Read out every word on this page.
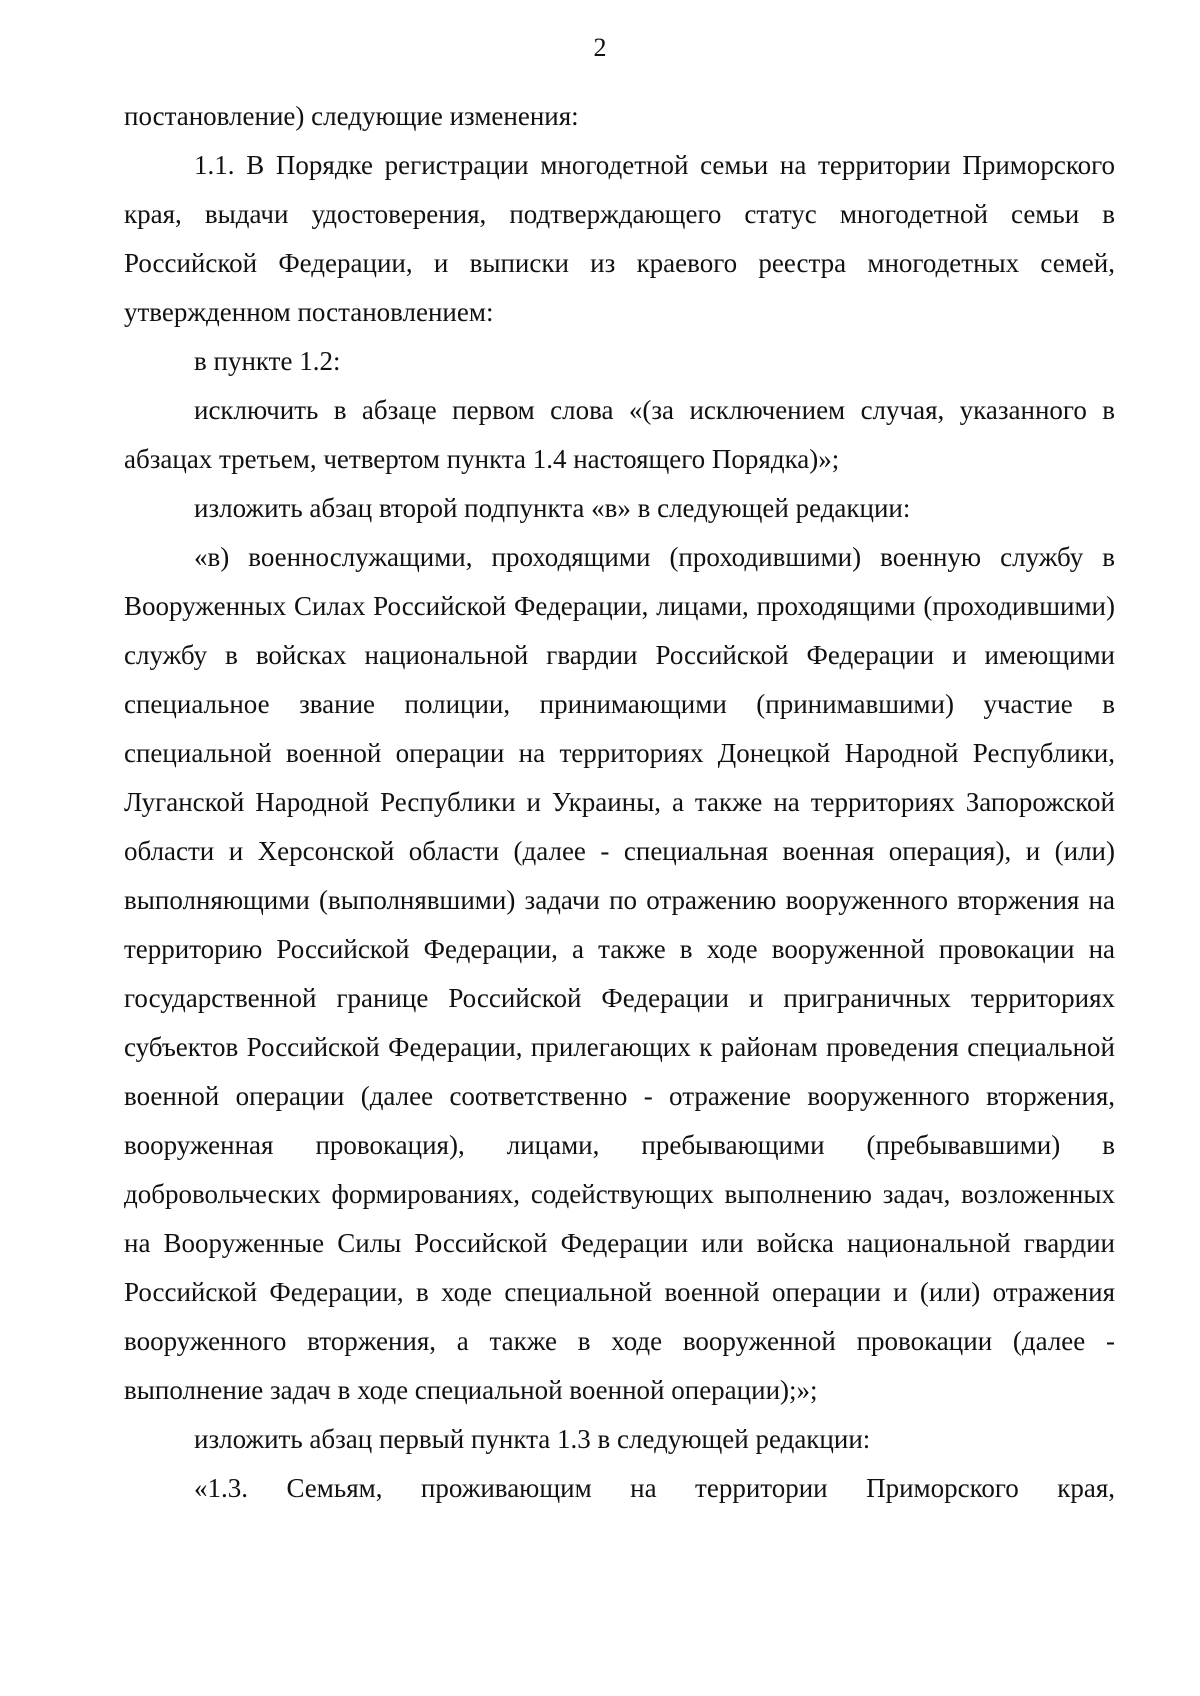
2

постановление) следующие изменения:

1.1. В Порядке регистрации многодетной семьи на территории Приморского края, выдачи удостоверения, подтверждающего статус многодетной семьи в Российской Федерации, и выписки из краевого реестра многодетных семей, утвержденном постановлением:

в пункте 1.2:

исключить в абзаце первом слова «(за исключением случая, указанного в абзацах третьем, четвертом пункта 1.4 настоящего Порядка)»;

изложить абзац второй подпункта «в» в следующей редакции:

«в) военнослужащими, проходящими (проходившими) военную службу в Вооруженных Силах Российской Федерации, лицами, проходящими (проходившими) службу в войсках национальной гвардии Российской Федерации и имеющими специальное звание полиции, принимающими (принимавшими) участие в специальной военной операции на территориях Донецкой Народной Республики, Луганской Народной Республики и Украины, а также на территориях Запорожской области и Херсонской области (далее - специальная военная операция), и (или) выполняющими (выполнявшими) задачи по отражению вооруженного вторжения на территорию Российской Федерации, а также в ходе вооруженной провокации на государственной границе Российской Федерации и приграничных территориях субъектов Российской Федерации, прилегающих к районам проведения специальной военной операции (далее соответственно - отражение вооруженного вторжения, вооруженная провокация), лицами, пребывающими (пребывавшими) в добровольческих формированиях, содействующих выполнению задач, возложенных на Вооруженные Силы Российской Федерации или войска национальной гвардии Российской Федерации, в ходе специальной военной операции и (или) отражения вооруженного вторжения, а также в ходе вооруженной провокации (далее - выполнение задач в ходе специальной военной операции);»;

изложить абзац первый пункта 1.3 в следующей редакции:

«1.3. Семьям, проживающим на территории Приморского края,
